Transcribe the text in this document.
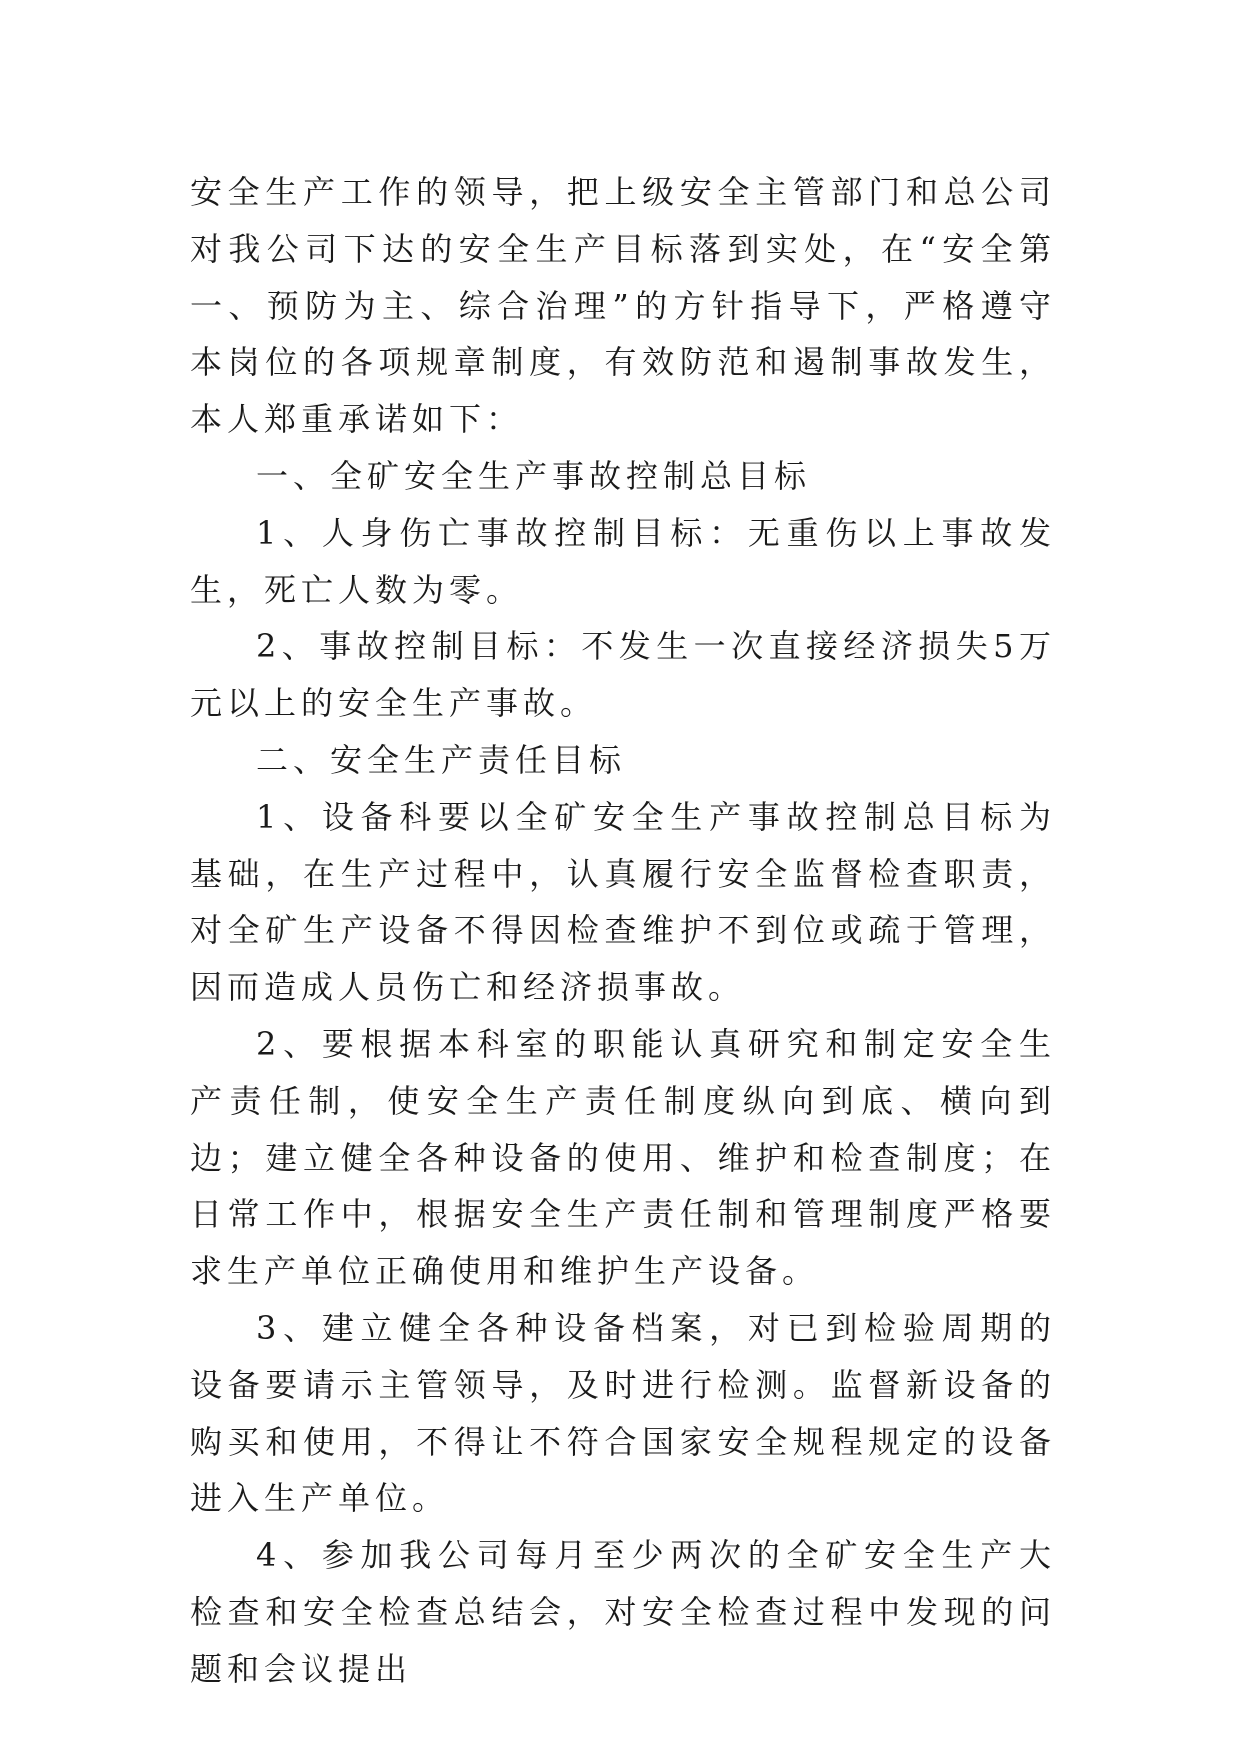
安全生产工作的领导，把上级安全主管部门和总公司对我公司下达的安全生产目标落到实处，在“安全第一、预防为主、综合治理”的方针指导下，严格遵守本岗位的各项规章制度，有效防范和遏制事故发生，本人郑重承诺如下：

一、全矿安全生产事故控制总目标

1、人身伤亡事故控制目标：无重伤以上事故发生，死亡人数为零。

2、事故控制目标：不发生一次直接经济损失5万元以上的安全生产事故。

二、安全生产责任目标

1、设备科要以全矿安全生产事故控制总目标为基础，在生产过程中，认真履行安全监督检查职责，对全矿生产设备不得因检查维护不到位或疏于管理，因而造成人员伤亡和经济损事故。

2、要根据本科室的职能认真研究和制定安全生产责任制，使安全生产责任制度纵向到底、横向到边；建立健全各种设备的使用、维护和检查制度；在日常工作中，根据安全生产责任制和管理制度严格要求生产单位正确使用和维护生产设备。

3、建立健全各种设备档案，对已到检验周期的设备要请示主管领导，及时进行检测。监督新设备的购买和使用，不得让不符合国家安全规程规定的设备进入生产单位。

4、参加我公司每月至少两次的全矿安全生产大检查和安全检查总结会，对安全检查过程中发现的问题和会议提出
